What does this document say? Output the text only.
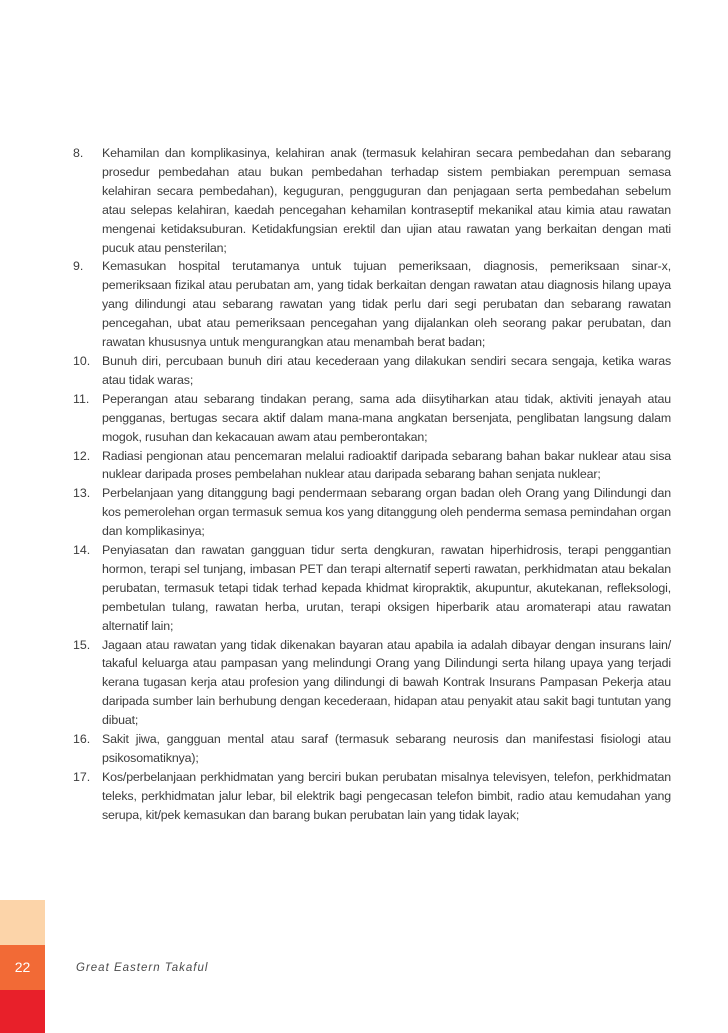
8.	Kehamilan dan komplikasinya, kelahiran anak (termasuk kelahiran secara pembedahan dan sebarang prosedur pembedahan atau bukan pembedahan terhadap sistem pembiakan perempuan semasa kelahiran secara pembedahan), keguguran, pengguguran dan penjagaan serta pembedahan sebelum atau selepas kelahiran, kaedah pencegahan kehamilan kontraseptif mekanikal atau kimia atau rawatan mengenai ketidaksuburan. Ketidakfungsian erektil dan ujian atau rawatan yang berkaitan dengan mati pucuk atau pensterilan;
9.	Kemasukan hospital terutamanya untuk tujuan pemeriksaan, diagnosis, pemeriksaan sinar-x, pemeriksaan fizikal atau perubatan am, yang tidak berkaitan dengan rawatan atau diagnosis hilang upaya yang dilindungi atau sebarang rawatan yang tidak perlu dari segi perubatan dan sebarang rawatan pencegahan, ubat atau pemeriksaan pencegahan yang dijalankan oleh seorang pakar perubatan, dan rawatan khususnya untuk mengurangkan atau menambah berat badan;
10. Bunuh diri, percubaan bunuh diri atau kecederaan yang dilakukan sendiri secara sengaja, ketika waras atau tidak waras;
11.	Peperangan atau sebarang tindakan perang, sama ada diisytiharkan atau tidak, aktiviti jenayah atau pengganas, bertugas secara aktif dalam mana-mana angkatan bersenjata, penglibatan langsung dalam mogok, rusuhan dan kekacauan awam atau pemberontakan;
12. Radiasi pengionan atau pencemaran melalui radioaktif daripada sebarang bahan bakar nuklear atau sisa nuklear daripada proses pembelahan nuklear atau daripada sebarang bahan senjata nuklear;
13. Perbelanjaan yang ditanggung bagi pendermaan sebarang organ badan oleh Orang yang Dilindungi dan kos pemerolehan organ termasuk semua kos yang ditanggung oleh penderma semasa pemindahan organ dan komplikasinya;
14. Penyiasatan dan rawatan gangguan tidur serta dengkuran, rawatan hiperhidrosis, terapi penggantian hormon, terapi sel tunjang, imbasan PET dan terapi alternatif seperti rawatan, perkhidmatan atau bekalan perubatan, termasuk tetapi tidak terhad kepada khidmat kiropraktik, akupuntur, akutekanan, refleksologi, pembetulan tulang, rawatan herba, urutan, terapi oksigen hiperbarik atau aromaterapi atau rawatan alternatif lain;
15. Jagaan atau rawatan yang tidak dikenakan bayaran atau apabila ia adalah dibayar dengan insurans lain/ takaful keluarga atau pampasan yang melindungi Orang yang Dilindungi serta hilang upaya yang terjadi kerana tugasan kerja atau profesion yang dilindungi di bawah Kontrak Insurans Pampasan Pekerja atau daripada sumber lain berhubung dengan kecederaan, hidapan atau penyakit atau sakit bagi tuntutan yang dibuat;
16. Sakit jiwa, gangguan mental atau saraf (termasuk sebarang neurosis dan manifestasi fisiologi atau psikosomatiknya);
17. Kos/perbelanjaan perkhidmatan yang berciri bukan perubatan misalnya televisyen, telefon, perkhidmatan teleks, perkhidmatan jalur lebar, bil elektrik bagi pengecasan telefon bimbit, radio atau kemudahan yang serupa, kit/pek kemasukan dan barang bukan perubatan lain yang tidak layak;
22	Great Eastern Takaful
